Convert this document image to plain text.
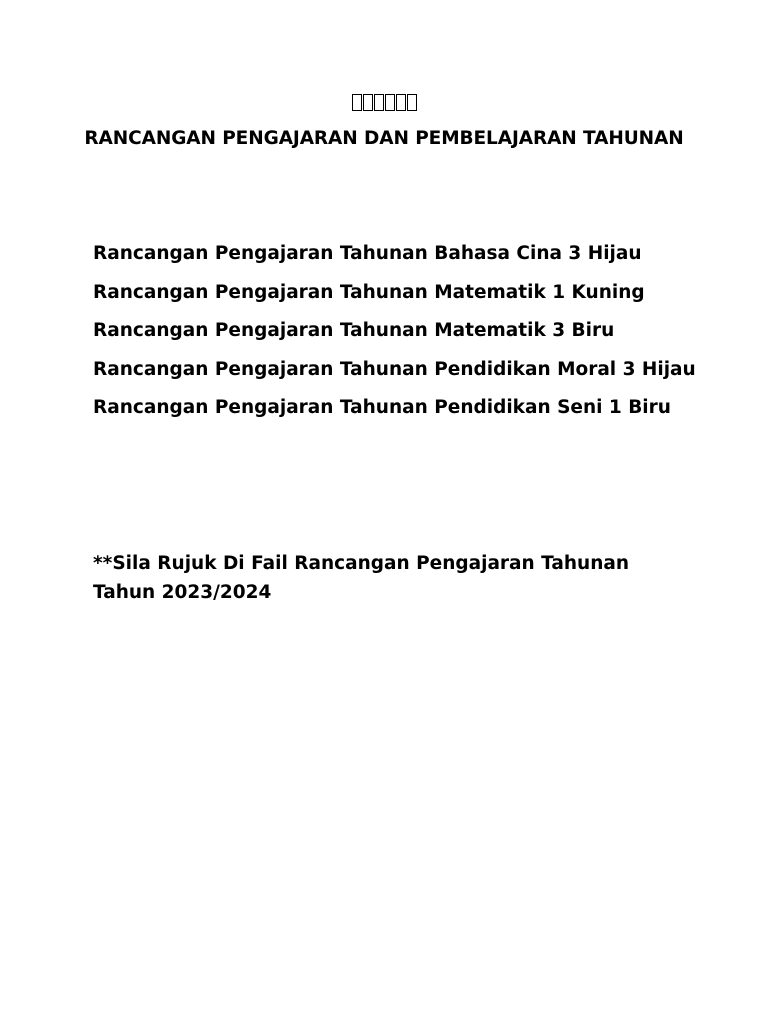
RANCANGAN PENGAJARAN DAN PEMBELAJARAN TAHUNAN
Rancangan Pengajaran Tahunan Bahasa Cina 3 Hijau
Rancangan Pengajaran Tahunan Matematik 1 Kuning
Rancangan Pengajaran Tahunan Matematik 3 Biru
Rancangan Pengajaran Tahunan Pendidikan Moral 3 Hijau
Rancangan Pengajaran Tahunan Pendidikan Seni 1 Biru

**Sila Rujuk Di Fail Rancangan Pengajaran Tahunan Tahun 2023/2024
